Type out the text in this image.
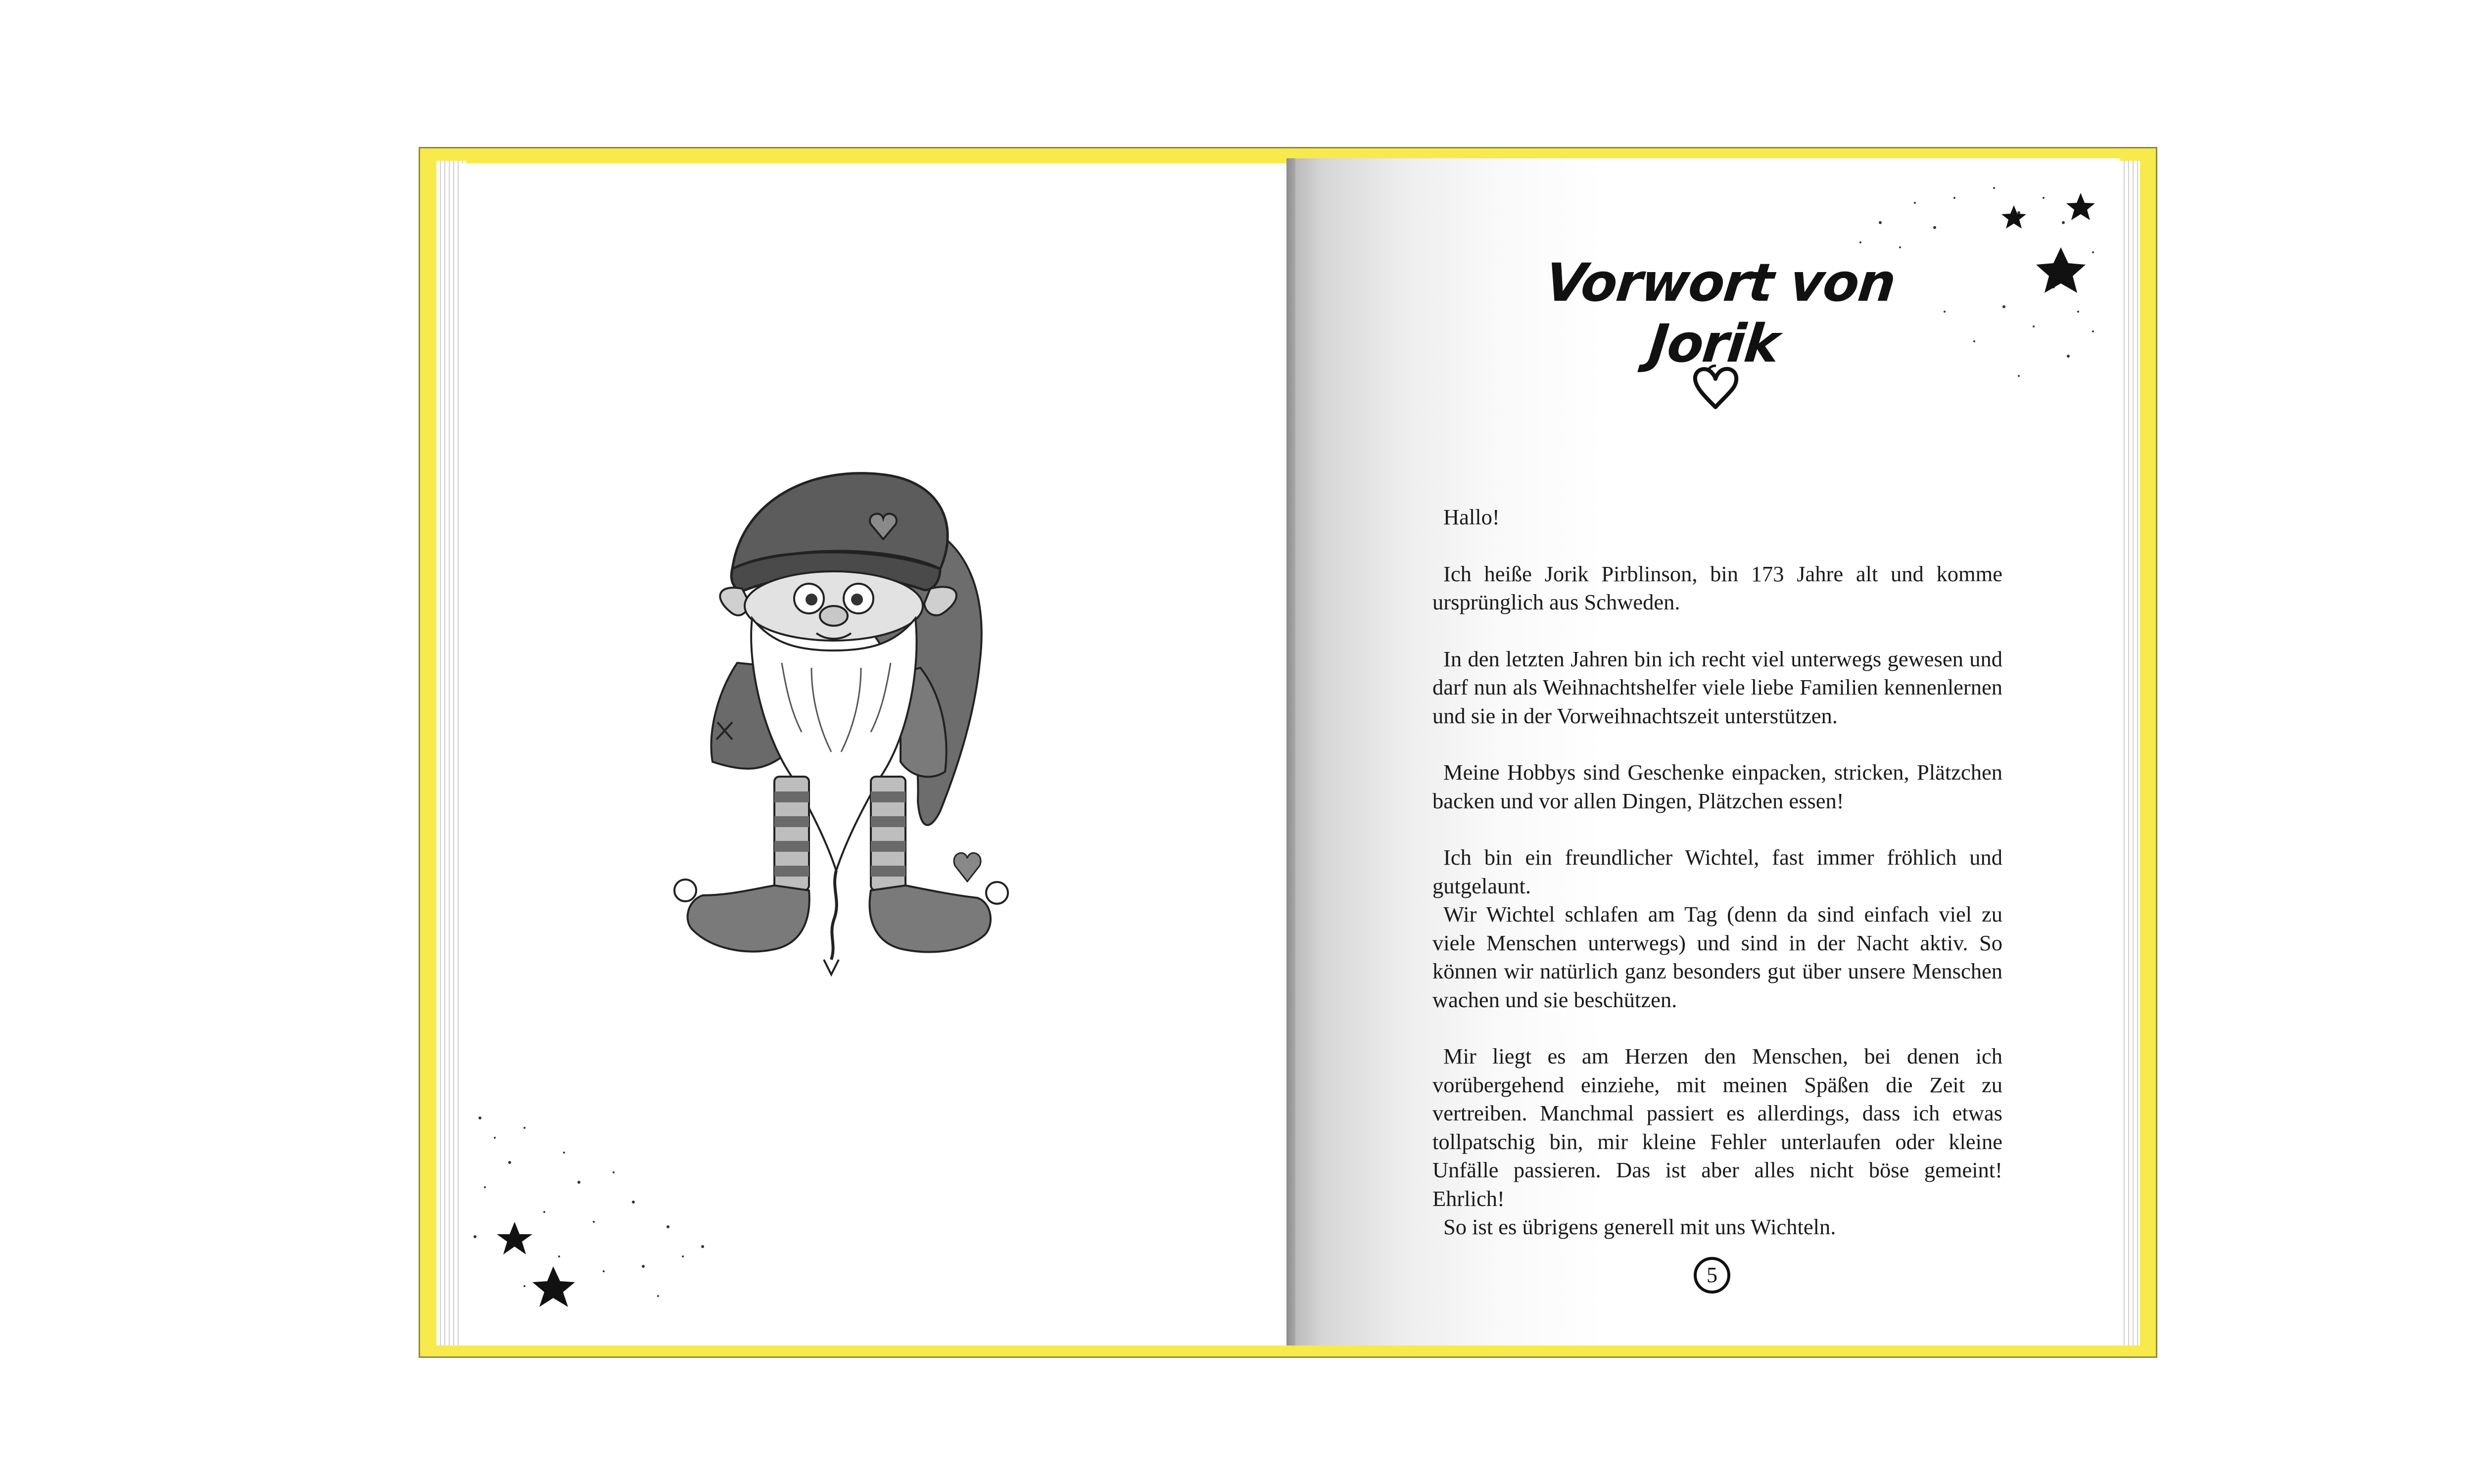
Vorwort von Jorik

Hallo!

Ich heiße Jorik Pirblinson, bin 173 Jahre alt und komme ursprünglich aus Schweden.

In den letzten Jahren bin ich recht viel unterwegs gewesen und darf nun als Weihnachtshelfer viele liebe Familien kennenlernen und sie in der Vorweihnachtszeit unterstützen.

Meine Hobbys sind Geschenke einpacken, stricken, Plätzchen backen und vor allen Dingen, Plätzchen essen!

Ich bin ein freundlicher Wichtel, fast immer fröhlich und gutgelaunt.

Wir Wichtel schlafen am Tag (denn da sind einfach viel zu viele Menschen unterwegs) und sind in der Nacht aktiv. So können wir natürlich ganz besonders gut über unsere Menschen wachen und sie beschützen.

Mir liegt es am Herzen den Menschen, bei denen ich vorübergehend einziehe, mit meinen Späßen die Zeit zu vertreiben. Manchmal passiert es allerdings, dass ich etwas tollpatschig bin, mir kleine Fehler unterlaufen oder kleine Unfälle passieren. Das ist aber alles nicht böse gemeint! Ehrlich!

So ist es übrigens generell mit uns Wichteln.

5
